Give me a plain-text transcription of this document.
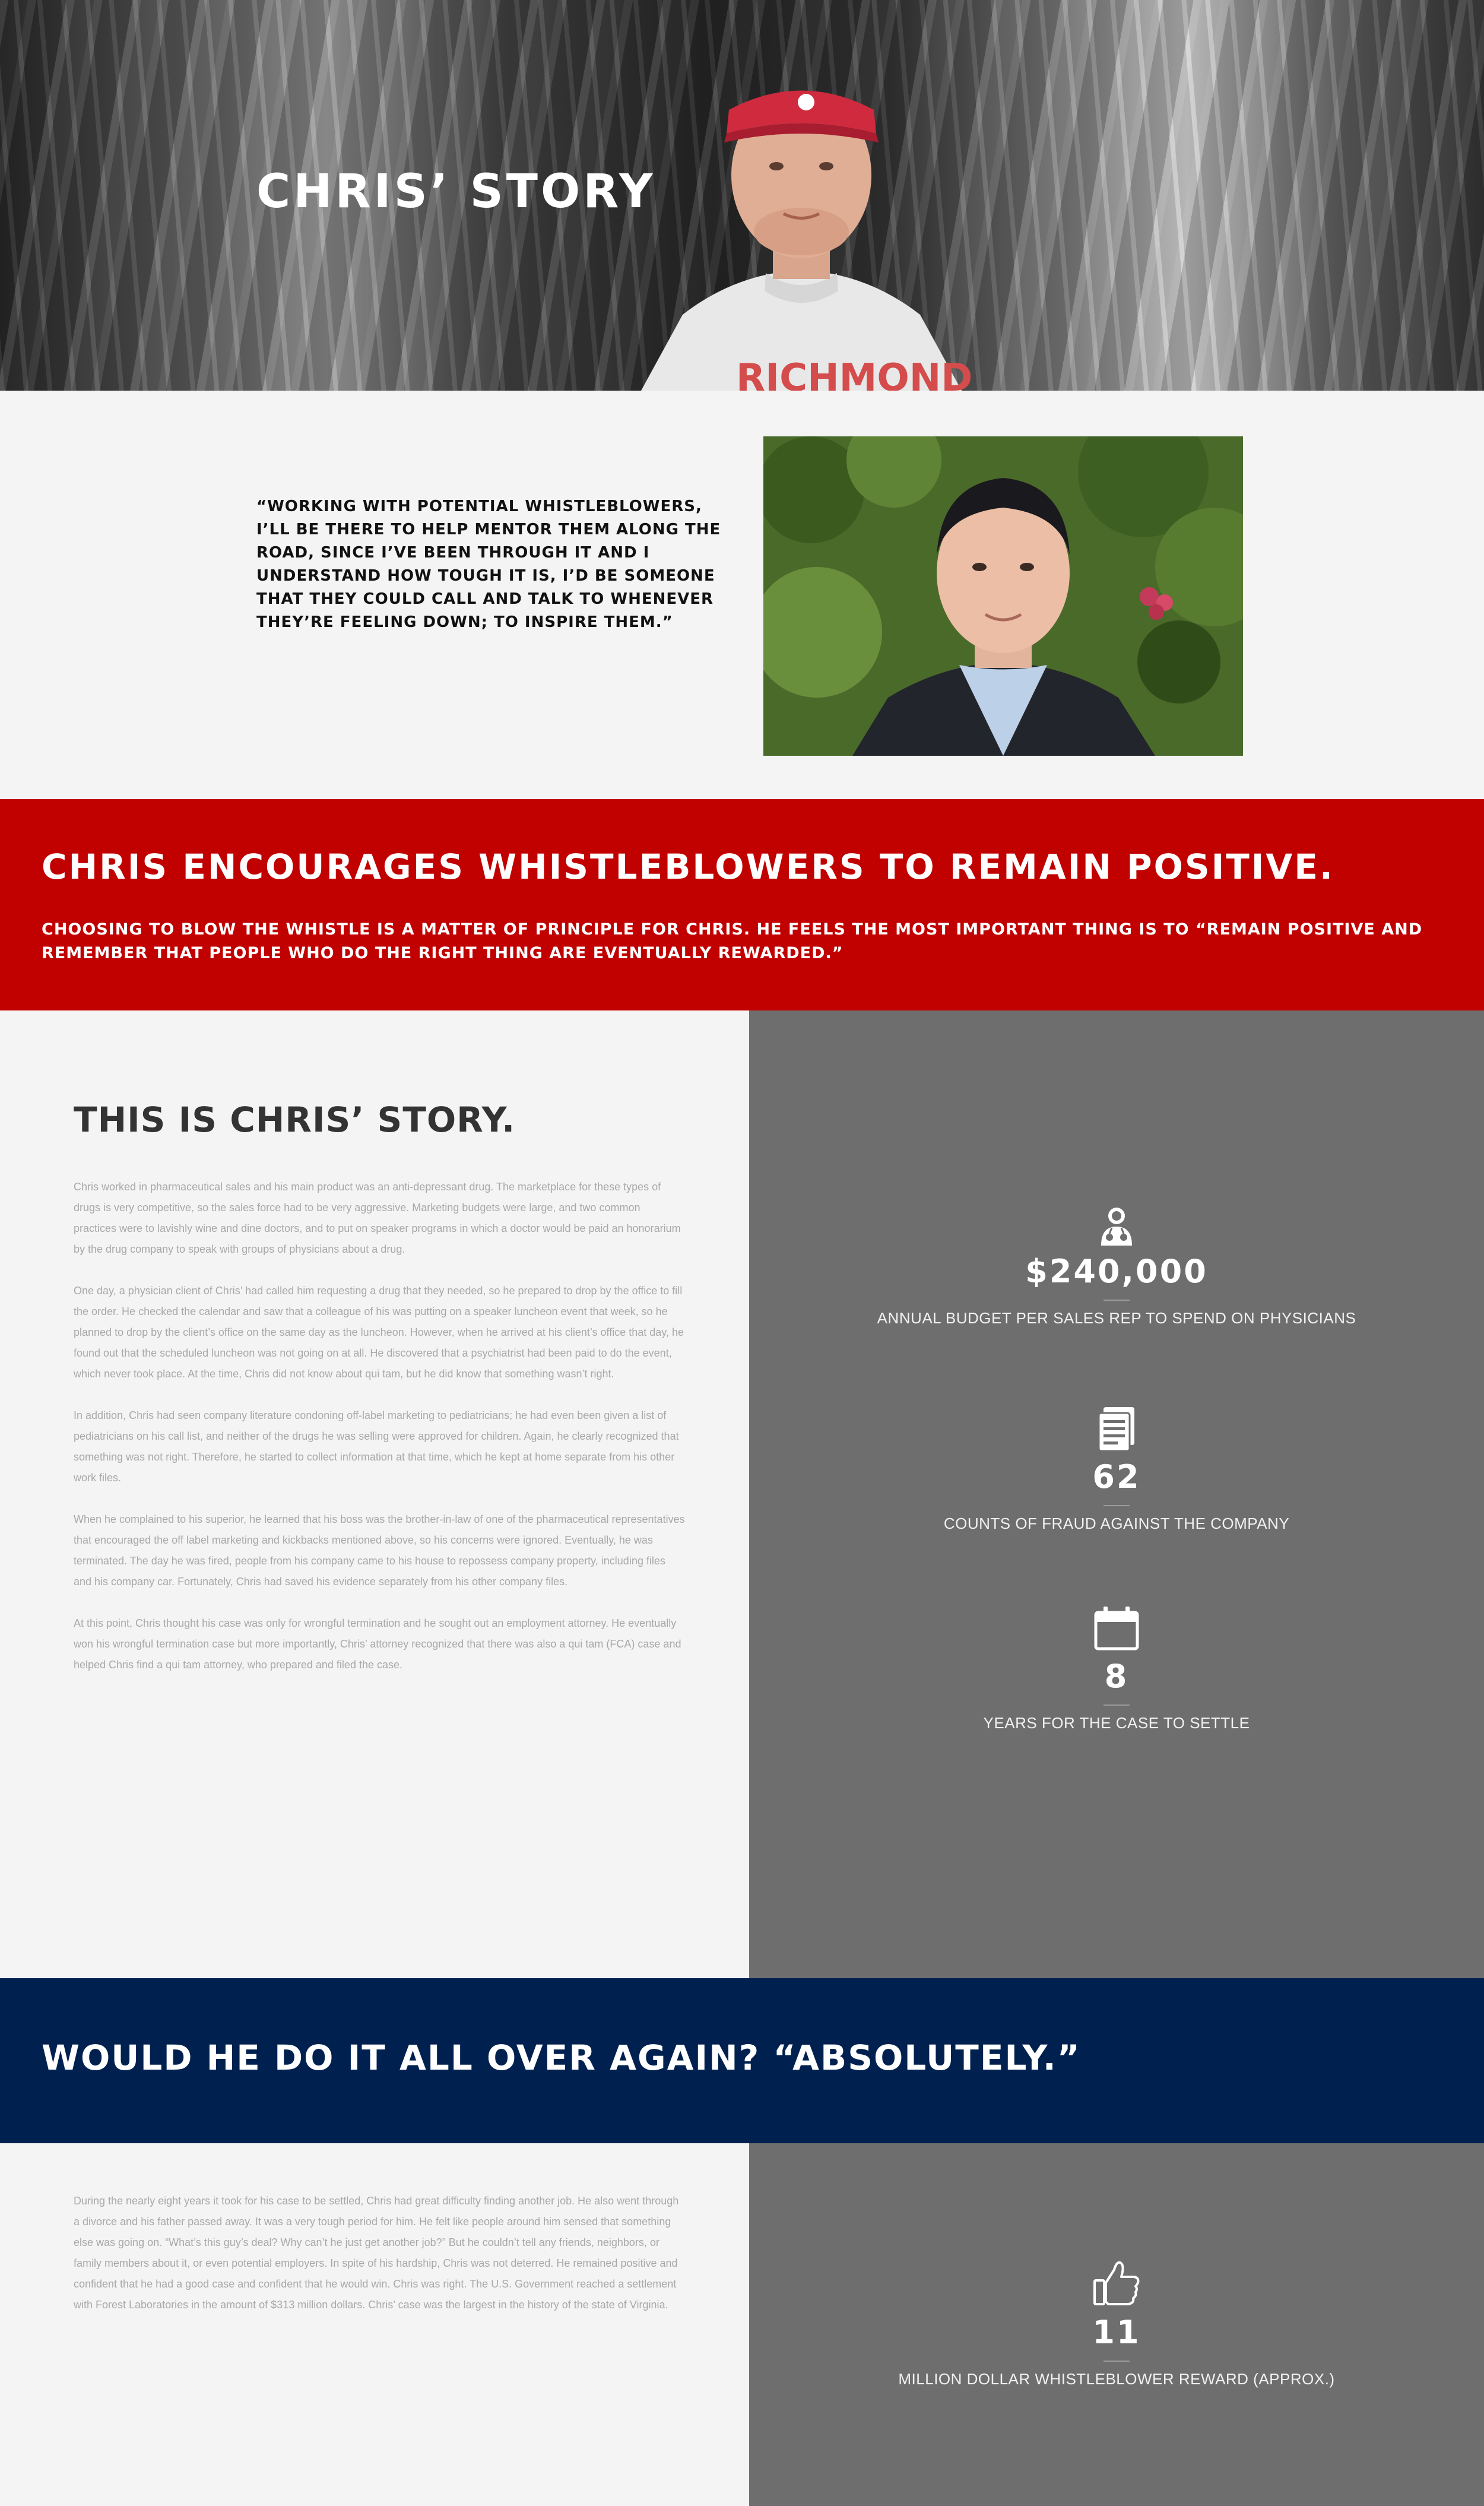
RICHMOND
CHRIS’ STORY

“WORKING WITH POTENTIAL WHISTLEBLOWERS, I’LL BE THERE TO HELP MENTOR THEM ALONG THE ROAD, SINCE I’VE BEEN THROUGH IT AND I UNDERSTAND HOW TOUGH IT IS, I’D BE SOMEONE THAT THEY COULD CALL AND TALK TO WHENEVER THEY’RE FEELING DOWN; TO INSPIRE THEM.”

CHRIS ENCOURAGES WHISTLEBLOWERS TO REMAIN POSITIVE.

CHOOSING TO BLOW THE WHISTLE IS A MATTER OF PRINCIPLE FOR CHRIS. HE FEELS THE MOST IMPORTANT THING IS TO “REMAIN POSITIVE AND REMEMBER THAT PEOPLE WHO DO THE RIGHT THING ARE EVENTUALLY REWARDED.”

THIS IS CHRIS’ STORY.

Chris worked in pharmaceutical sales and his main product was an anti-depressant drug. The marketplace for these types of drugs is very competitive, so the sales force had to be very aggressive. Marketing budgets were large, and two common practices were to lavishly wine and dine doctors, and to put on speaker programs in which a doctor would be paid an honorarium by the drug company to speak with groups of physicians about a drug.

One day, a physician client of Chris’ had called him requesting a drug that they needed, so he prepared to drop by the office to fill the order. He checked the calendar and saw that a colleague of his was putting on a speaker luncheon event that week, so he planned to drop by the client’s office on the same day as the luncheon. However, when he arrived at his client’s office that day, he found out that the scheduled luncheon was not going on at all. He discovered that a psychiatrist had been paid to do the event, which never took place. At the time, Chris did not know about qui tam, but he did know that something wasn’t right.

In addition, Chris had seen company literature condoning off-label marketing to pediatricians; he had even been given a list of pediatricians on his call list, and neither of the drugs he was selling were approved for children. Again, he clearly recognized that something was not right. Therefore, he started to collect information at that time, which he kept at home separate from his other work files.

When he complained to his superior, he learned that his boss was the brother-in-law of one of the pharmaceutical representatives that encouraged the off label marketing and kickbacks mentioned above, so his concerns were ignored. Eventually, he was terminated. The day he was fired, people from his company came to his house to repossess company property, including files and his company car. Fortunately, Chris had saved his evidence separately from his other company files.

At this point, Chris thought his case was only for wrongful termination and he sought out an employment attorney. He eventually won his wrongful termination case but more importantly, Chris’ attorney recognized that there was also a qui tam (FCA) case and helped Chris find a qui tam attorney, who prepared and filed the case.

$240,000
ANNUAL BUDGET PER SALES REP TO SPEND ON PHYSICIANS
62
COUNTS OF FRAUD AGAINST THE COMPANY
8
YEARS FOR THE CASE TO SETTLE
WOULD HE DO IT ALL OVER AGAIN? “ABSOLUTELY.”

During the nearly eight years it took for his case to be settled, Chris had great difficulty finding another job. He also went through a divorce and his father passed away. It was a very tough period for him. He felt like people around him sensed that something else was going on. “What’s this guy’s deal? Why can’t he just get another job?” But he couldn’t tell any friends, neighbors, or family members about it, or even potential employers. In spite of his hardship, Chris was not deterred. He remained positive and confident that he had a good case and confident that he would win. Chris was right. The U.S. Government reached a settlement with Forest Laboratories in the amount of $313 million dollars. Chris’ case was the largest in the history of the state of Virginia.

11
MILLION DOLLAR WHISTLEBLOWER REWARD (APPROX.)
